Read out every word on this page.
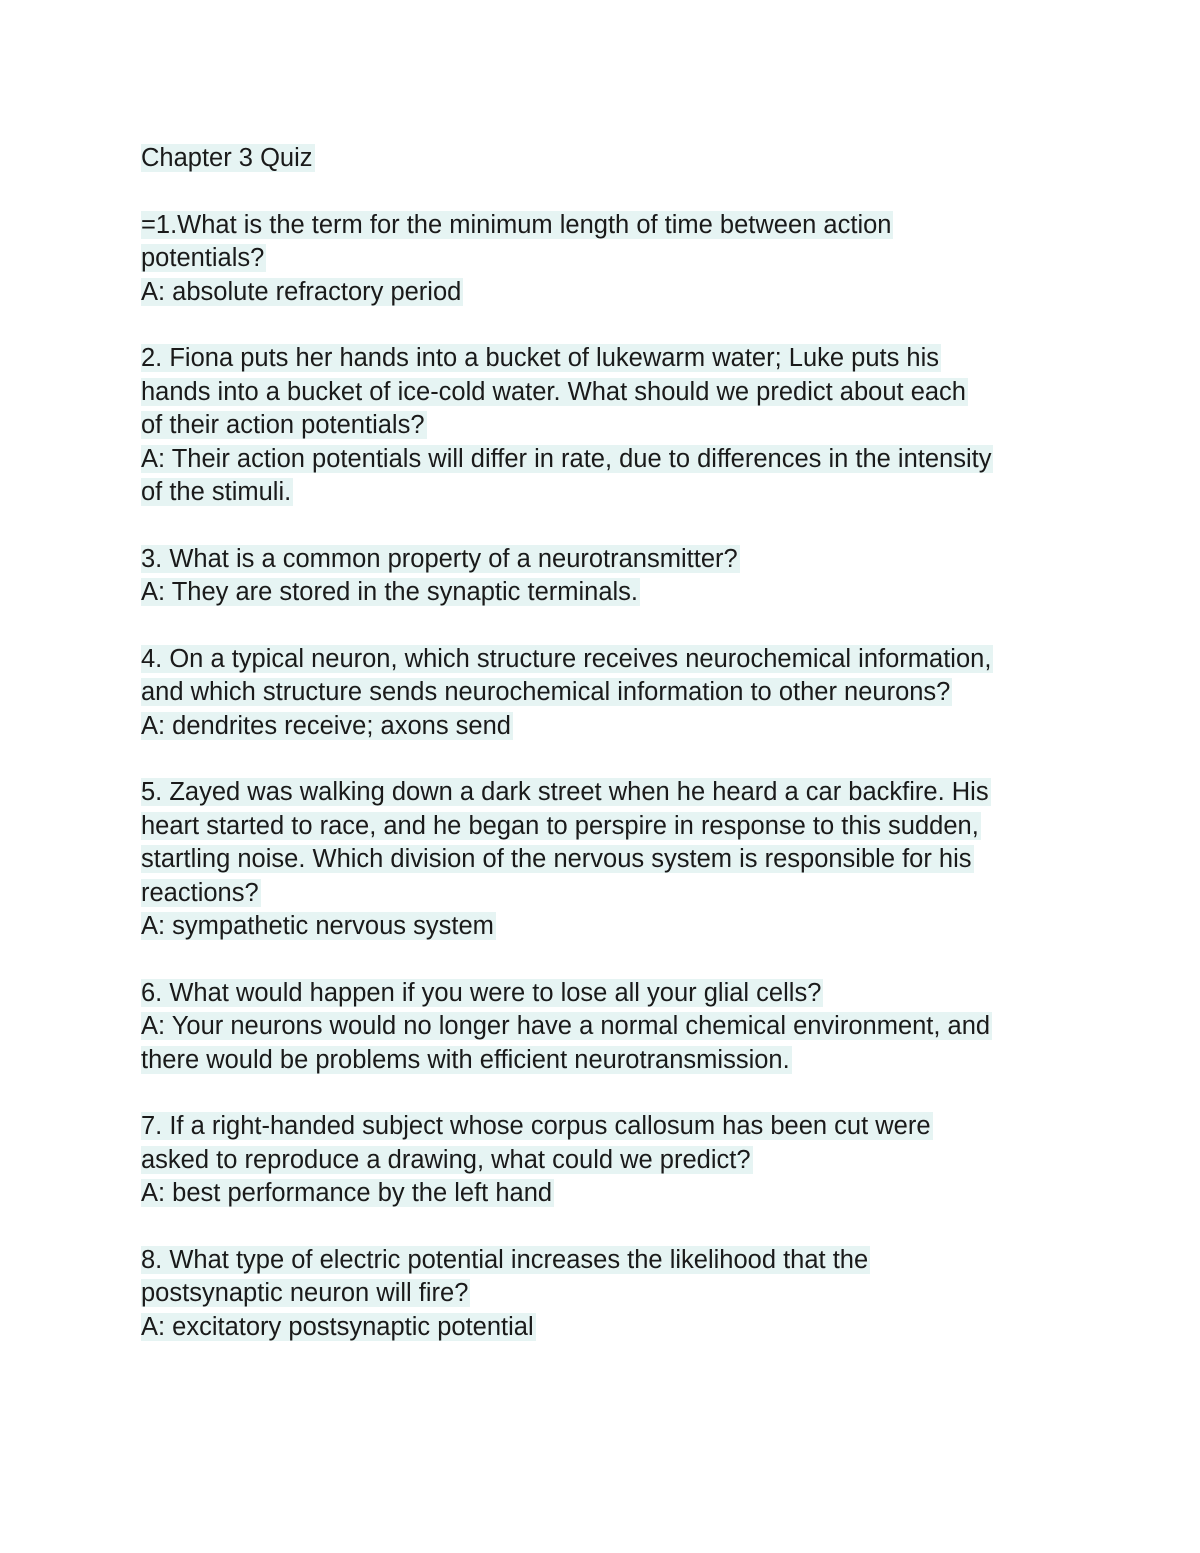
Chapter 3 Quiz
=1.What is the term for the minimum length of time between action
potentials?
A: absolute refractory period
2. Fiona puts her hands into a bucket of lukewarm water; Luke puts his
hands into a bucket of ice-cold water. What should we predict about each
of their action potentials?
A: Their action potentials will differ in rate, due to differences in the intensity
of the stimuli.
3. What is a common property of a neurotransmitter?
A: They are stored in the synaptic terminals.
4. On a typical neuron, which structure receives neurochemical information,
and which structure sends neurochemical information to other neurons?
A: dendrites receive; axons send
5. Zayed was walking down a dark street when he heard a car backfire. His
heart started to race, and he began to perspire in response to this sudden,
startling noise. Which division of the nervous system is responsible for his
reactions?
A: sympathetic nervous system
6. What would happen if you were to lose all your glial cells?
A: Your neurons would no longer have a normal chemical environment, and
there would be problems with efficient neurotransmission.
7. If a right-handed subject whose corpus callosum has been cut were
asked to reproduce a drawing, what could we predict?
A: best performance by the left hand
8. What type of electric potential increases the likelihood that the
postsynaptic neuron will fire?
A: excitatory postsynaptic potential
